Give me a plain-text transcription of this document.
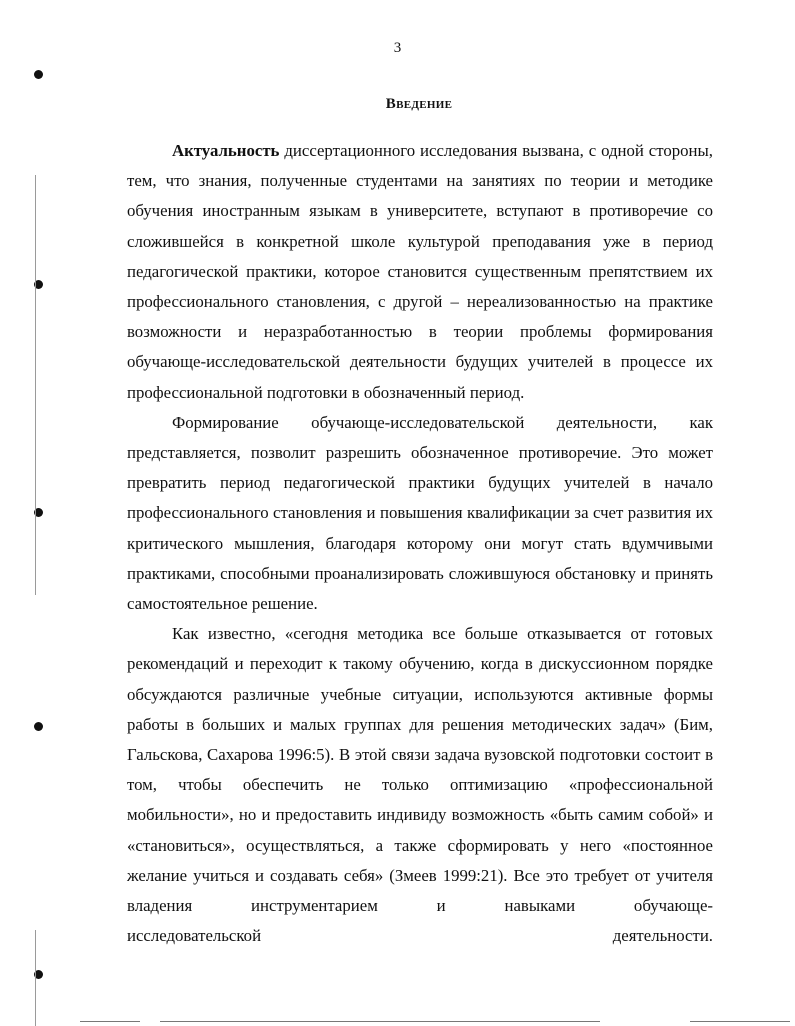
3
Введение

Актуальность диссертационного исследования вызвана, с одной стороны, тем, что знания, полученные студентами на занятиях по теории и методике обучения иностранным языкам в университете, вступают в противоречие со сложившейся в конкретной школе культурой преподавания уже в период педагогической практики, которое становится существенным препятствием их профессионального становления, с другой – нереализованностью на практике возможности и неразработанностью в теории проблемы формирования обучающе-исследовательской деятельности будущих учителей в процессе их профессиональной подготовки в обозначенный период.

Формирование обучающе-исследовательской деятельности, как представляется, позволит разрешить обозначенное противоречие. Это может превратить период педагогической практики будущих учителей в начало профессионального становления и повышения квалификации за счет развития их критического мышления, благодаря которому они могут стать вдумчивыми практиками, способными проанализировать сложившуюся обстановку и принять самостоятельное решение.

Как известно, «сегодня методика все больше отказывается от готовых рекомендаций и переходит к такому обучению, когда в дискуссионном порядке обсуждаются различные учебные ситуации, используются активные формы работы в больших и малых группах для решения методических задач» (Бим, Гальскова, Сахарова 1996:5). В этой связи задача вузовской подготовки состоит в том, чтобы обеспечить не только оптимизацию «профессиональной мобильности», но и предоставить индивиду возможность «быть самим собой» и «становиться», осуществляться, а также сформировать у него «постоянное желание учиться и создавать себя» (Змеев 1999:21). Все это требует от учителя владения инструментарием и навыками обучающе-
исследовательской деятельности.
